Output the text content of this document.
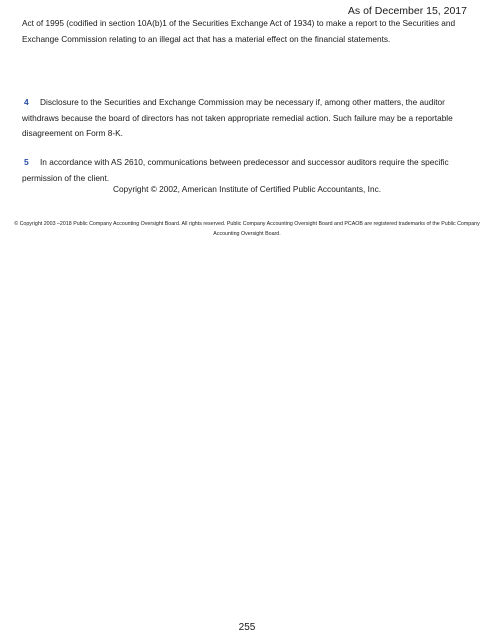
As of December 15, 2017

Act of 1995 (codified in section 10A(b)1 of the Securities Exchange Act of 1934) to make a report to the Securities and Exchange Commission relating to an illegal act that has a material effect on the financial statements.

4 Disclosure to the Securities and Exchange Commission may be necessary if, among other matters, the auditor withdraws because the board of directors has not taken appropriate remedial action. Such failure may be a reportable disagreement on Form 8-K.

5 In accordance with AS 2610, communications between predecessor and successor auditors require the specific permission of the client.

Copyright © 2002, American Institute of Certified Public Accountants, Inc.

© Copyright 2003 –2018 Public Company Accounting Oversight Board. All rights reserved. Public Company Accounting Oversight Board and PCAOB are registered trademarks of the Public Company Accounting Oversight Board.

255
